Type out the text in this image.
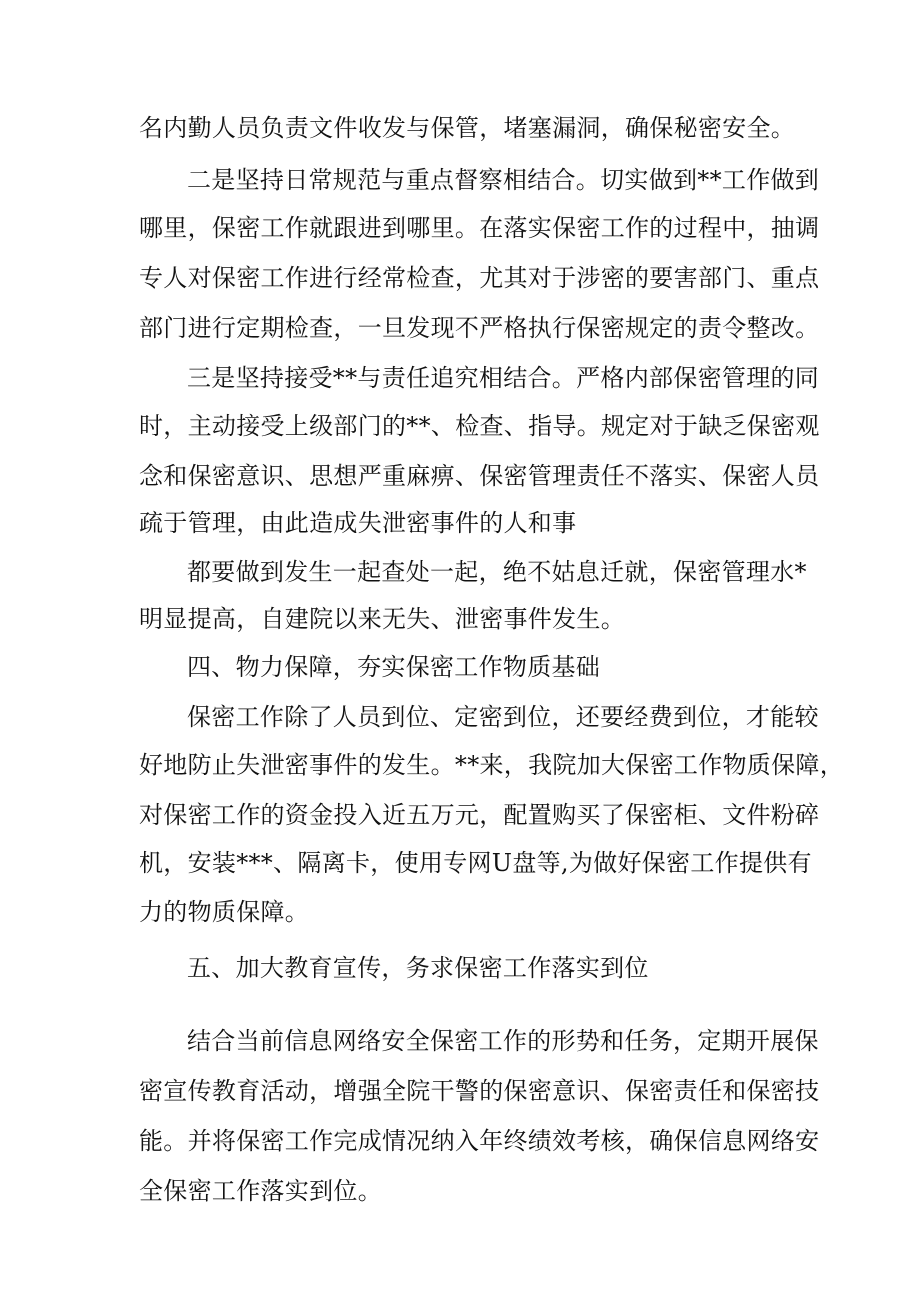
名内勤人员负责文件收发与保管，堵塞漏洞，确保秘密安全。
二是坚持日常规范与重点督察相结合。切实做到**工作做到
哪里，保密工作就跟进到哪里。在落实保密工作的过程中，抽调
专人对保密工作进行经常检查，尤其对于涉密的要害部门、重点
部门进行定期检查，一旦发现不严格执行保密规定的责令整改。
三是坚持接受**与责任追究相结合。严格内部保密管理的同
时，主动接受上级部门的**、检查、指导。规定对于缺乏保密观
念和保密意识、思想严重麻痹、保密管理责任不落实、保密人员
疏于管理，由此造成失泄密事件的人和事
都要做到发生一起查处一起，绝不姑息迁就，保密管理水*
明显提高，自建院以来无失、泄密事件发生。
四、物力保障，夯实保密工作物质基础
保密工作除了人员到位、定密到位，还要经费到位，才能较
好地防止失泄密事件的发生。**来，我院加大保密工作物质保障，
对保密工作的资金投入近五万元，配置购买了保密柜、文件粉碎
机，安装***、隔离卡，使用专网U盘等,为做好保密工作提供有
力的物质保障。
五、加大教育宣传，务求保密工作落实到位
结合当前信息网络安全保密工作的形势和任务，定期开展保
密宣传教育活动，增强全院干警的保密意识、保密责任和保密技
能。并将保密工作完成情况纳入年终绩效考核，确保信息网络安
全保密工作落实到位。
